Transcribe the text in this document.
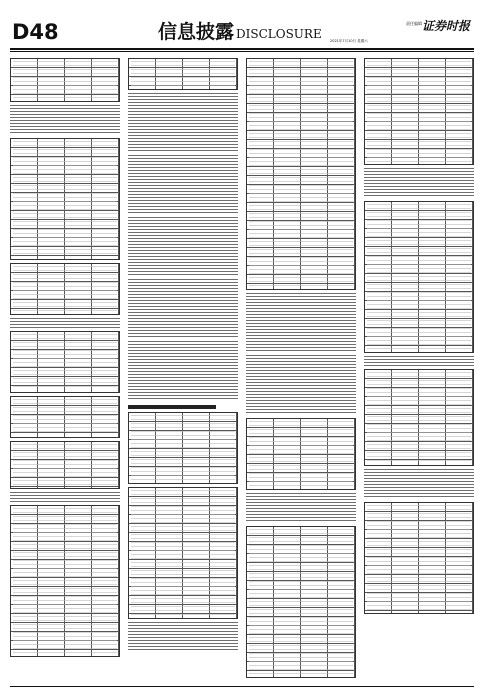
D48	信息披露 DISCLOSURE
责任编辑 证券时报
2021年7月10日 星期六
